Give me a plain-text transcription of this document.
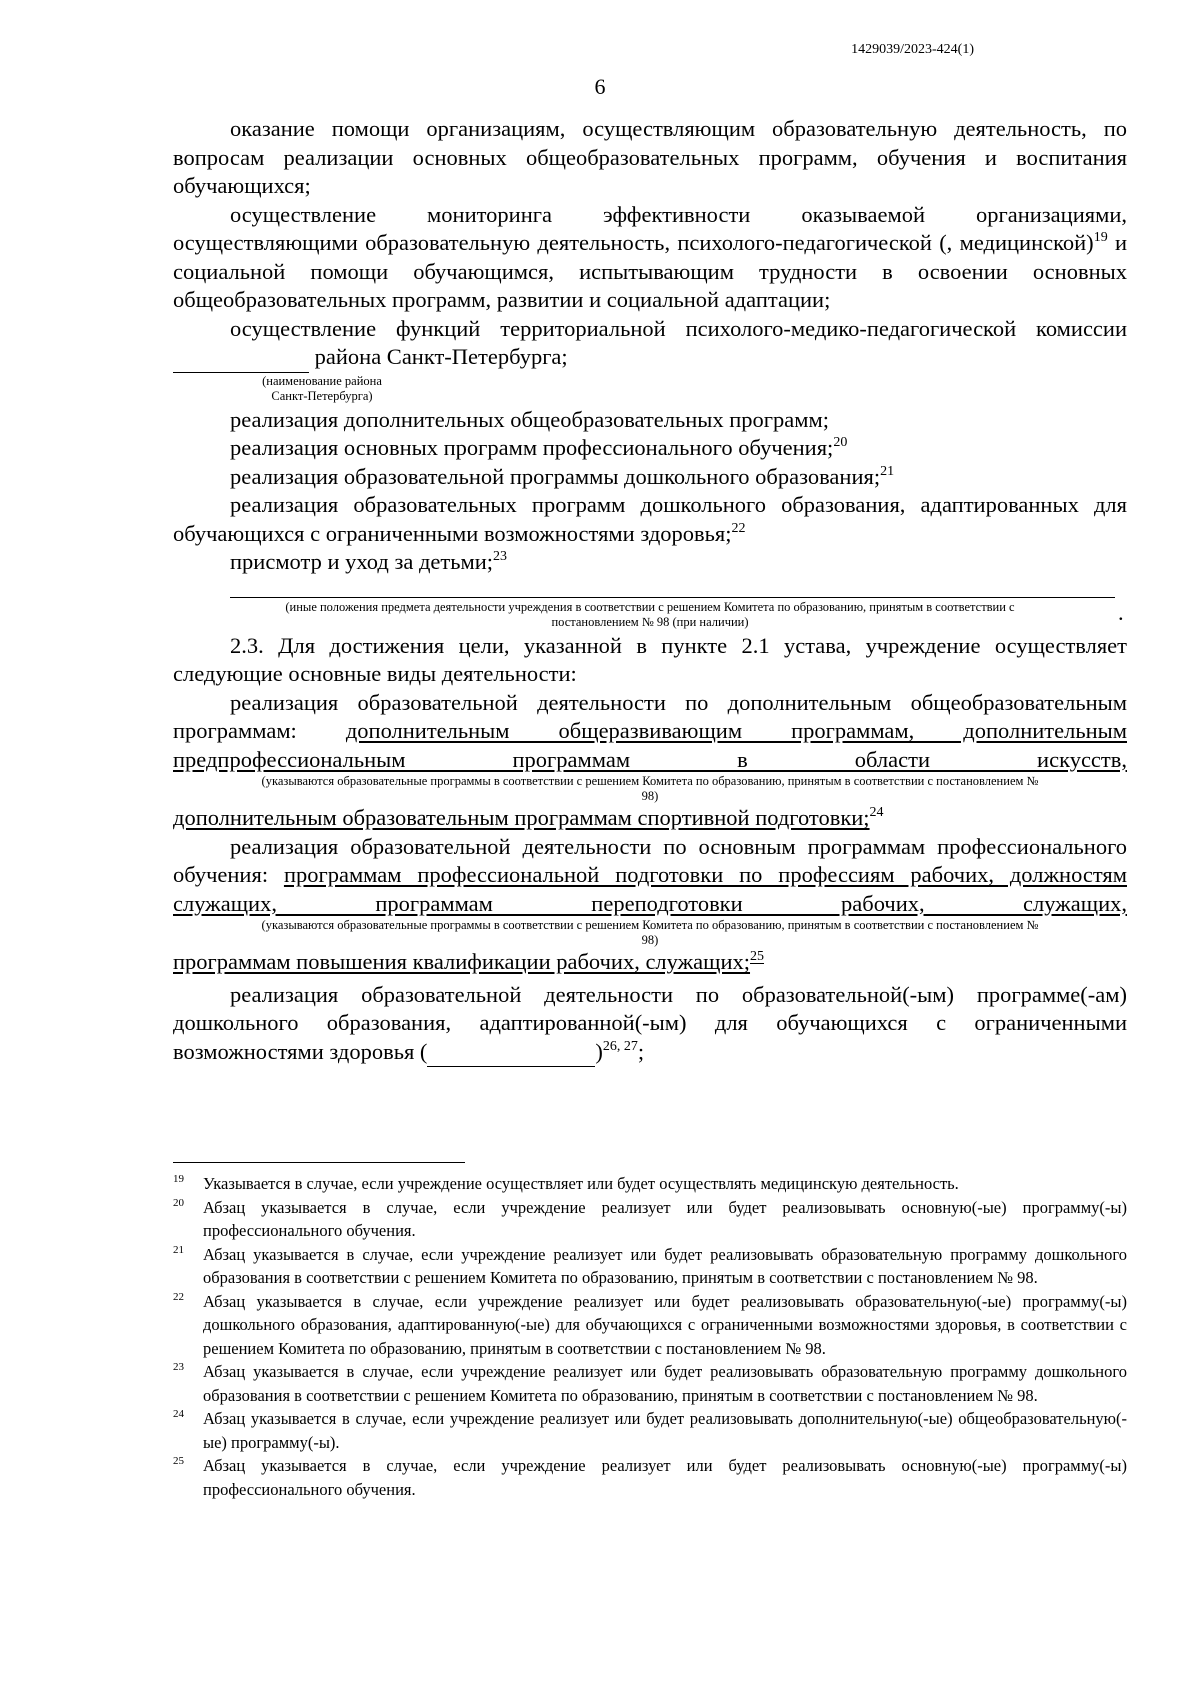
1429039/2023-424(1)
6

оказание помощи организациям, осуществляющим образовательную деятельность, по вопросам реализации основных общеобразовательных программ, обучения и воспитания обучающихся;

осуществление мониторинга эффективности оказываемой организациями, осуществляющими образовательную деятельность, психолого-педагогической (, медицинской)$^{19}$ и социальной помощи обучающимся, испытывающим трудности в освоении основных общеобразовательных программ, развитии и социальной адаптации;

осуществление функций территориальной психолого-медико-педагогической комиссии   района Санкт-Петербурга;

(наименование района Санкт-Петербурга)

реализация дополнительных общеобразовательных программ;

реализация основных программ профессионального обучения;$^{20}$

реализация образовательной программы дошкольного образования;$^{21}$

реализация образовательных программ дошкольного образования, адаптированных для обучающихся с ограниченными возможностями здоровья;$^{22}$

присмотр и уход за детьми;$^{23}$

.

(иные положения предмета деятельности учреждения в соответствии с решением Комитета по образованию, принятым в соответствии с постановлением № 98 (при наличии)

2.3. Для достижения цели, указанной в пункте 2.1 устава, учреждение осуществляет следующие основные виды деятельности:

реализация образовательной деятельности по дополнительным общеобразовательным программам: дополнительным общеразвивающим программам, дополнительным предпрофессиональным программам в области искусств,

(указываются образовательные программы в соответствии с решением Комитета по образованию, принятым в соответствии с постановлением № 98)

дополнительным образовательным программам спортивной подготовки;$^{24}$

реализация образовательной деятельности по основным программам профессионального обучения: программам профессиональной подготовки по профессиям рабочих, должностям служащих, программам переподготовки рабочих, служащих,

(указываются образовательные программы в соответствии с решением Комитета по образованию, принятым в соответствии с постановлением № 98)

программам повышения квалификации рабочих, служащих;$^{25}$

реализация образовательной деятельности по образовательной(-ым) программе(-ам) дошкольного образования, адаптированной(-ым) для обучающихся с ограниченными возможностями здоровья (	)$^{26, 27}$;

19 Указывается в случае, если учреждение осуществляет или будет осуществлять медицинскую деятельность.

20 Абзац указывается в случае, если учреждение реализует или будет реализовывать основную(-ые) программу(-ы) профессионального обучения.

21 Абзац указывается в случае, если учреждение реализует или будет реализовывать образовательную программу дошкольного образования в соответствии с решением Комитета по образованию, принятым в соответствии с постановлением № 98.

22 Абзац указывается в случае, если учреждение реализует или будет реализовывать образовательную(-ые) программу(-ы) дошкольного образования, адаптированную(-ые) для обучающихся с ограниченными возможностями здоровья, в соответствии с решением Комитета по образованию, принятым в соответствии с постановлением № 98.

23 Абзац указывается в случае, если учреждение реализует или будет реализовывать образовательную программу дошкольного образования в соответствии с решением Комитета по образованию, принятым в соответствии с постановлением № 98.

24 Абзац указывается в случае, если учреждение реализует или будет реализовывать дополнительную(-ые) общеобразовательную(-ые) программу(-ы).

25 Абзац указывается в случае, если учреждение реализует или будет реализовывать основную(-ые) программу(-ы) профессионального обучения.
